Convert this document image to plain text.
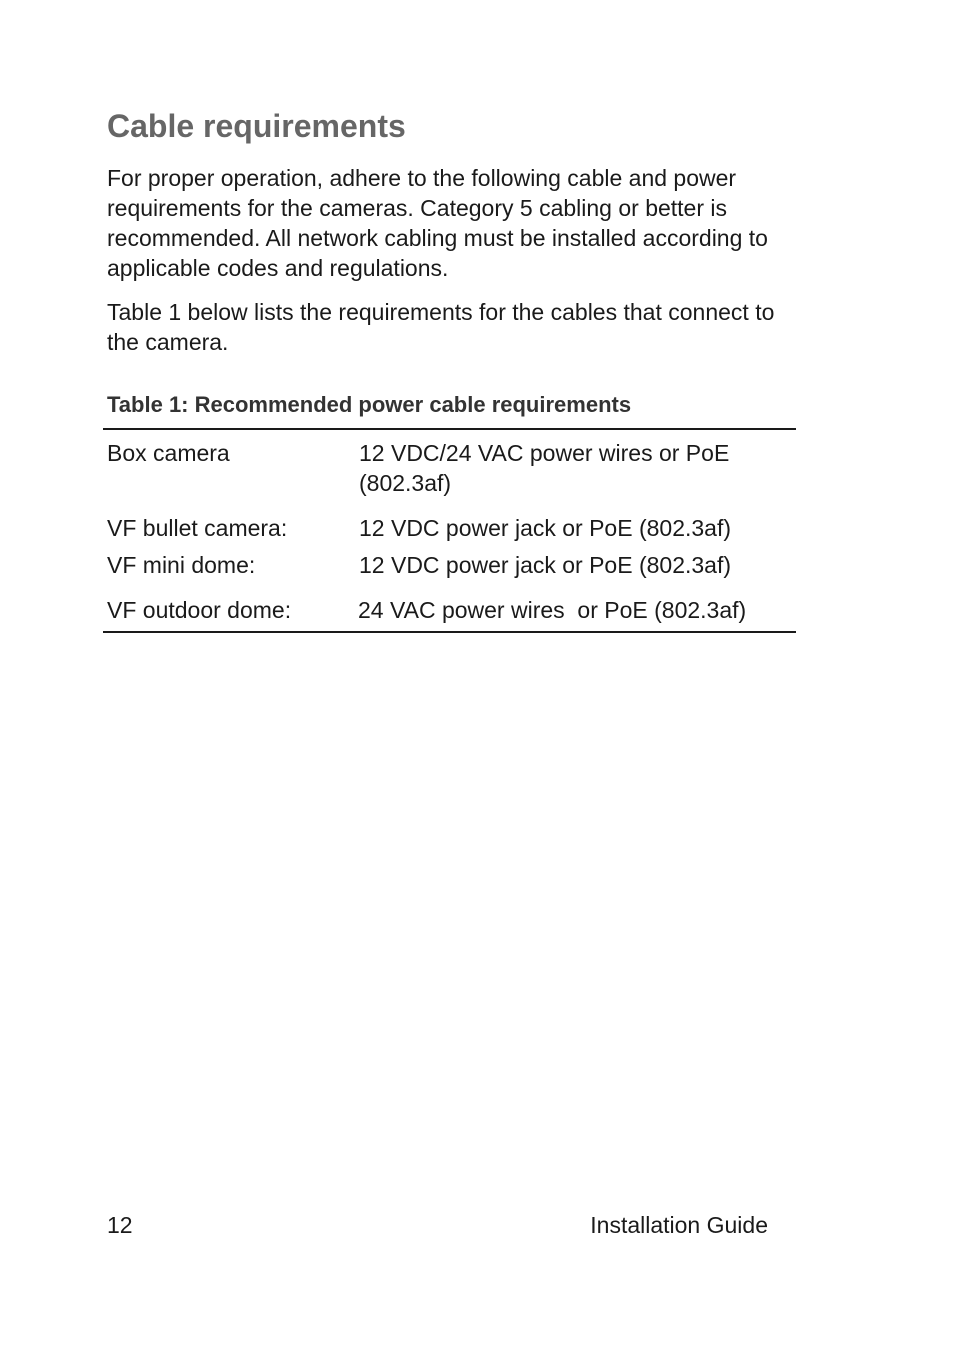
Cable requirements

For proper operation, adhere to the following cable and power requirements for the cameras. Category 5 cabling or better is recommended. All network cabling must be installed according to applicable codes and regulations.

Table 1 below lists the requirements for the cables that connect to the camera.

Table 1: Recommended power cable requirements
Box camera	12 VDC/24 VAC power wires or PoE (802.3af)
VF bullet camera:	12 VDC power jack or PoE (802.3af)
VF mini dome:	12 VDC power jack or PoE (802.3af)
VF outdoor dome:	24 VAC power wires  or PoE (802.3af)
12	Installation Guide
